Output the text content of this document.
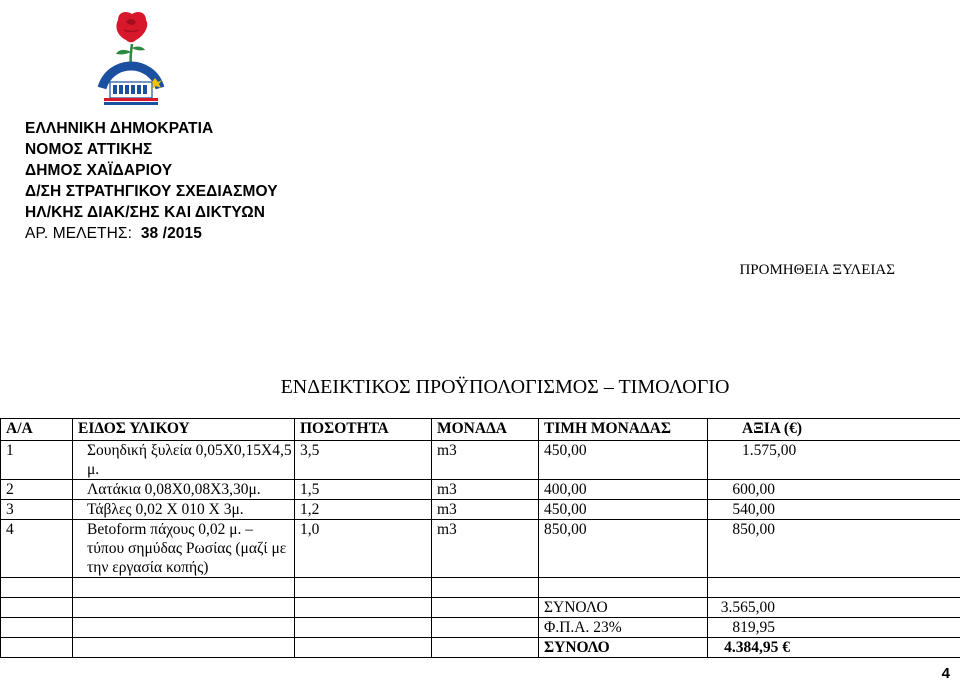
ΔΗΜΟΣ
ΕΛΛΗΝΙΚΗ ΔΗΜΟΚΡΑΤΙΑ
ΝΟΜΟΣ ΑΤΤΙΚΗΣ
ΔΗΜΟΣ ΧΑΪΔΑΡΙΟΥ
Δ/ΣΗ ΣΤΡΑΤΗΓΙΚΟΥ ΣΧΕΔΙΑΣΜΟΥ
ΗΛ/ΚΗΣ ΔΙΑΚ/ΣΗΣ ΚΑΙ ΔΙΚΤΥΩΝ
ΑΡ. ΜΕΛΕΤΗΣ: 38 /2015
ΠΡΟΜΗΘΕΙΑ ΞΥΛΕΙΑΣ
ΕΝΔΕΙΚΤΙΚΟΣ ΠΡΟΫΠΟΛΟΓΙΣΜΟΣ – ΤΙΜΟΛΟΓΙΟ
Α/Α	ΕΙΔΟΣ ΥΛΙΚΟΥ	ΠΟΣΟΤΗΤΑ	ΜΟΝΑΔΑ	ΤΙΜΗ ΜΟΝΑΔΑΣ	ΑΞΙΑ (€)
1	Σουηδική ξυλεία 0,05Χ0,15Χ4,5 μ.	3,5	m3	450,00	1.575,00
2	Λατάκια 0,08Χ0,08Χ3,30μ.	1,5	m3	400,00	600,00
3	Τάβλες 0,02 Χ 010 Χ 3μ.	1,2	m3	450,00	540,00
4	Betoform πάχους 0,02 μ. – τύπου σημύδας Ρωσίας (μαζί με την εργασία κοπής)	1,0	m3	850,00	850,00

				ΣΥΝΟΛΟ	3.565,00
				Φ.Π.Α. 23%	819,95
				ΣΥΝΟΛΟ	4.384,95 €
4
